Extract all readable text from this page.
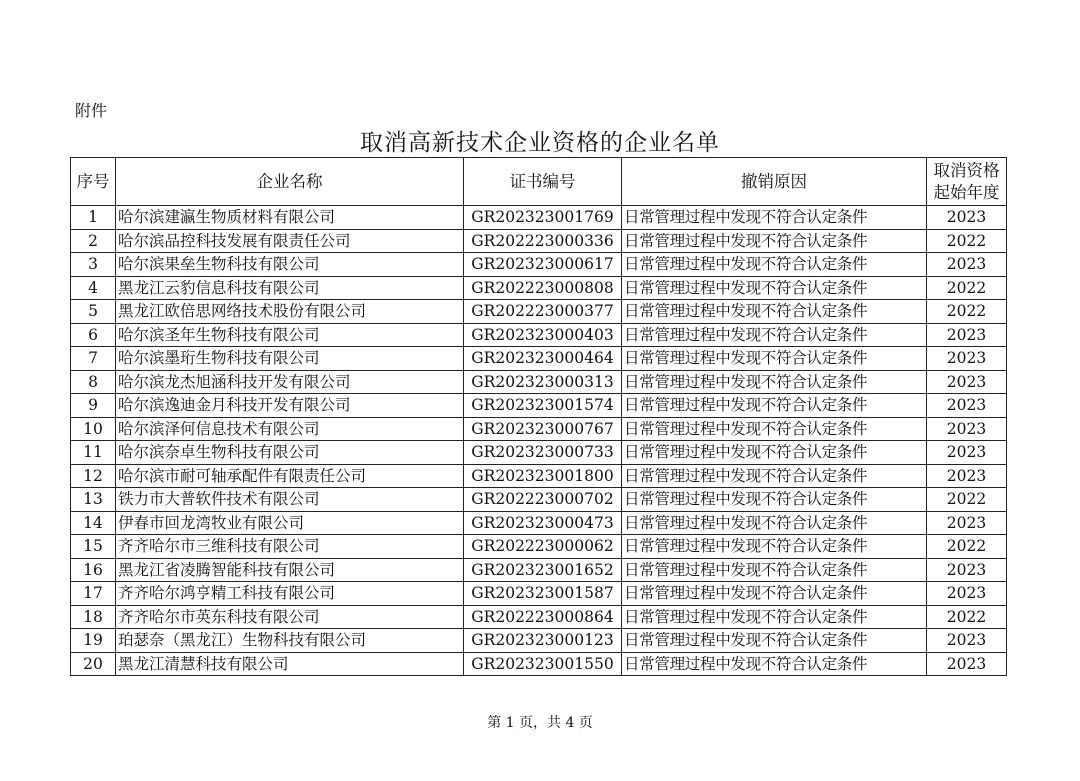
附件
取消高新技术企业资格的企业名单
序号	企业名称	证书编号	撤销原因	取消资格
起始年度

1	哈尔滨建瀛生物质材料有限公司	GR202323001769	日常管理过程中发现不符合认定条件	2023
2	哈尔滨品控科技发展有限责任公司	GR202223000336	日常管理过程中发现不符合认定条件	2022
3	哈尔滨果垒生物科技有限公司	GR202323000617	日常管理过程中发现不符合认定条件	2023
4	黑龙江云豹信息科技有限公司	GR202223000808	日常管理过程中发现不符合认定条件	2022
5	黑龙江欧倍思网络技术股份有限公司	GR202223000377	日常管理过程中发现不符合认定条件	2022
6	哈尔滨圣年生物科技有限公司	GR202323000403	日常管理过程中发现不符合认定条件	2023
7	哈尔滨墨珩生物科技有限公司	GR202323000464	日常管理过程中发现不符合认定条件	2023
8	哈尔滨龙杰旭涵科技开发有限公司	GR202323000313	日常管理过程中发现不符合认定条件	2023
9	哈尔滨逸迪金月科技开发有限公司	GR202323001574	日常管理过程中发现不符合认定条件	2023
10	哈尔滨泽何信息技术有限公司	GR202323000767	日常管理过程中发现不符合认定条件	2023
11	哈尔滨奈卓生物科技有限公司	GR202323000733	日常管理过程中发现不符合认定条件	2023
12	哈尔滨市耐可轴承配件有限责任公司	GR202323001800	日常管理过程中发现不符合认定条件	2023
13	铁力市大普软件技术有限公司	GR202223000702	日常管理过程中发现不符合认定条件	2022
14	伊春市回龙湾牧业有限公司	GR202323000473	日常管理过程中发现不符合认定条件	2023
15	齐齐哈尔市三维科技有限公司	GR202223000062	日常管理过程中发现不符合认定条件	2022
16	黑龙江省凌腾智能科技有限公司	GR202323001652	日常管理过程中发现不符合认定条件	2023
17	齐齐哈尔鸿亨精工科技有限公司	GR202323001587	日常管理过程中发现不符合认定条件	2023
18	齐齐哈尔市英东科技有限公司	GR202223000864	日常管理过程中发现不符合认定条件	2022
19	珀瑟奈（黑龙江）生物科技有限公司	GR202323000123	日常管理过程中发现不符合认定条件	2023
20	黑龙江清慧科技有限公司	GR202323001550	日常管理过程中发现不符合认定条件	2023
第 1 页，共 4 页
